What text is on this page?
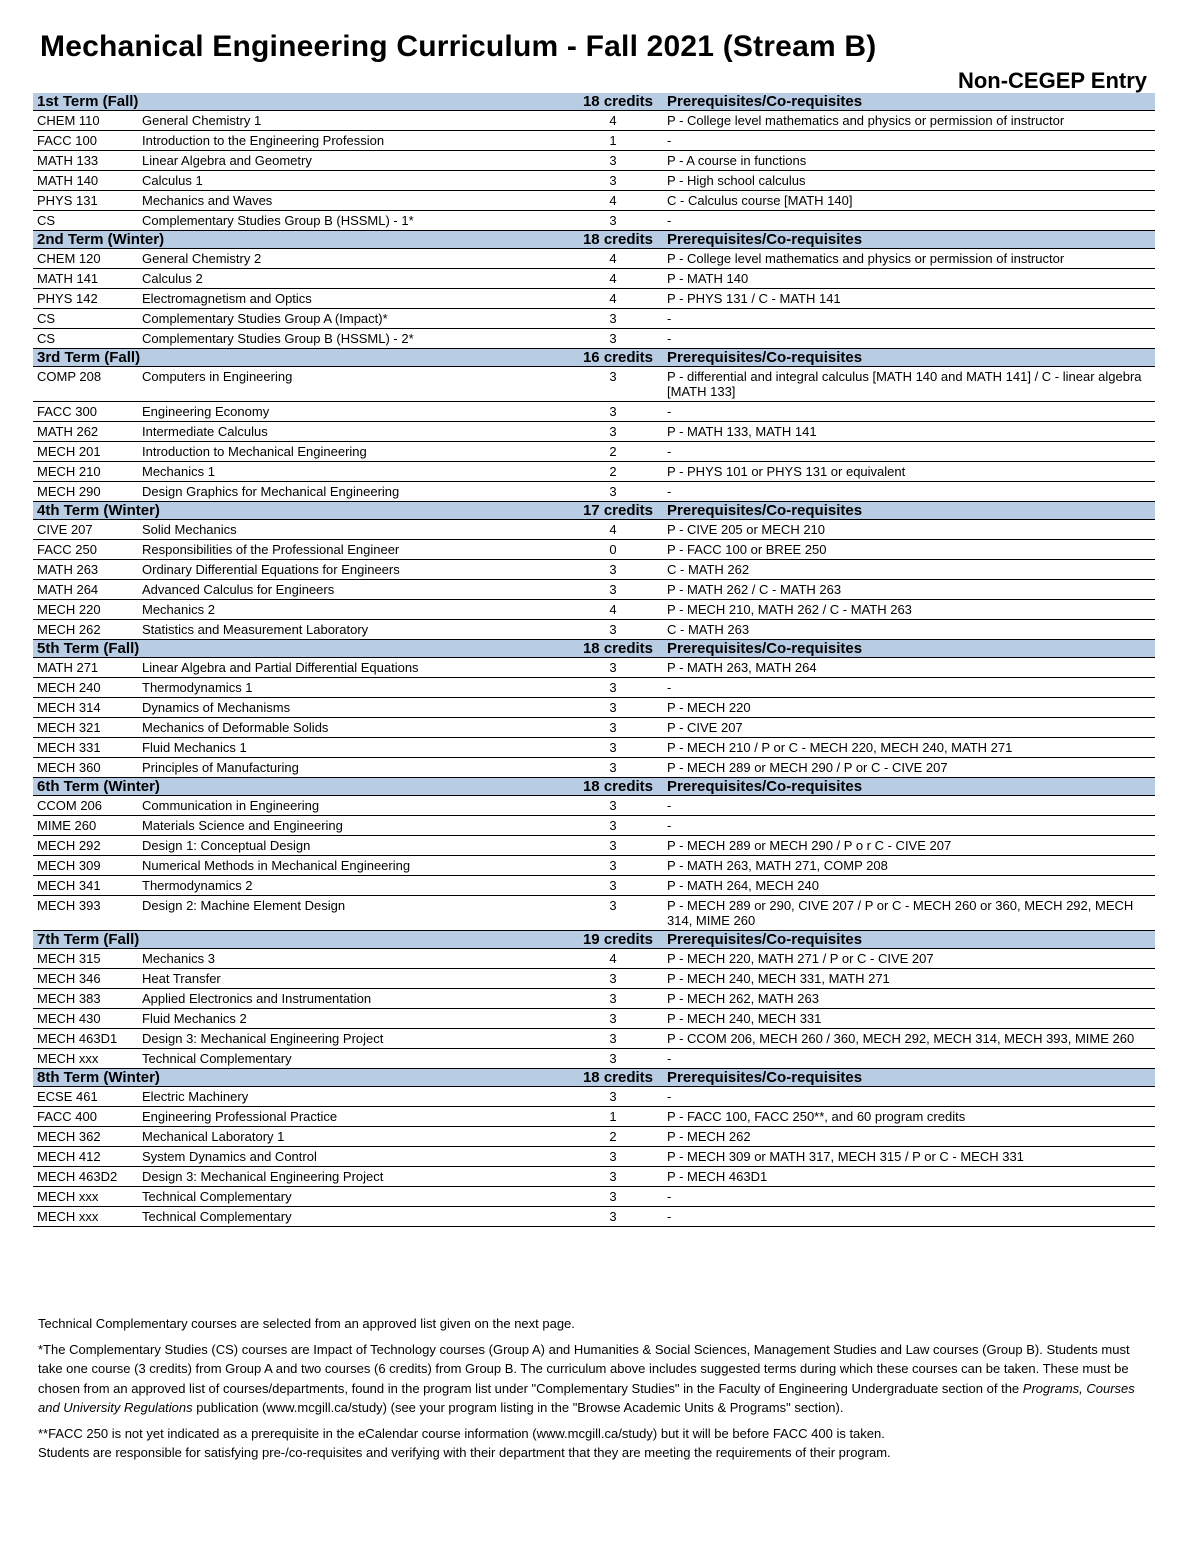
Mechanical Engineering Curriculum - Fall 2021 (Stream B)
Non-CEGEP Entry
1st Term (Fall)		18 credits	Prerequisites/Co-requisites
CHEM 110	General Chemistry 1	4	P - College level mathematics and physics or permission of instructor
FACC 100	Introduction to the Engineering Profession	1	-
MATH 133	Linear Algebra and Geometry	3	P - A course in functions
MATH 140	Calculus 1	3	P - High school calculus
PHYS 131	Mechanics and Waves	4	C - Calculus course [MATH 140]
CS	Complementary Studies Group B (HSSML) - 1*	3	-
2nd Term (Winter)		18 credits	Prerequisites/Co-requisites
CHEM 120	General Chemistry 2	4	P - College level mathematics and physics or permission of instructor
MATH 141	Calculus 2	4	P - MATH 140
PHYS 142	Electromagnetism and Optics	4	P - PHYS 131 / C - MATH 141
CS	Complementary Studies Group A (Impact)*	3	-
CS	Complementary Studies Group B (HSSML) - 2*	3	-
3rd Term (Fall)		16 credits	Prerequisites/Co-requisites
COMP 208	Computers in Engineering	3	P - differential and integral calculus [MATH 140 and MATH 141] / C - linear algebra [MATH 133]
FACC 300	Engineering Economy	3	-
MATH 262	Intermediate Calculus	3	P - MATH 133, MATH 141
MECH 201	Introduction to Mechanical Engineering	2	-
MECH 210	Mechanics 1	2	P - PHYS 101 or PHYS 131 or equivalent
MECH 290	Design Graphics for Mechanical Engineering	3	-
4th Term (Winter)		17 credits	Prerequisites/Co-requisites
CIVE 207	Solid Mechanics	4	P - CIVE 205 or MECH 210
FACC 250	Responsibilities of the Professional Engineer	0	P - FACC 100 or BREE 250
MATH 263	Ordinary Differential Equations for Engineers	3	C - MATH 262
MATH 264	Advanced Calculus for Engineers	3	P - MATH 262 / C - MATH 263
MECH 220	Mechanics 2	4	P - MECH 210, MATH 262 / C - MATH 263
MECH 262	Statistics and Measurement Laboratory	3	C - MATH 263
5th Term (Fall)		18 credits	Prerequisites/Co-requisites
MATH 271	Linear Algebra and Partial Differential Equations	3	P - MATH 263, MATH 264
MECH 240	Thermodynamics 1	3	-
MECH 314	Dynamics of Mechanisms	3	P - MECH 220
MECH 321	Mechanics of Deformable Solids	3	P - CIVE 207
MECH 331	Fluid Mechanics 1	3	P - MECH 210 / P or C - MECH 220, MECH 240, MATH 271
MECH 360	Principles of Manufacturing	3	P - MECH 289 or MECH 290 / P or C - CIVE 207
6th Term (Winter)		18 credits	Prerequisites/Co-requisites
CCOM 206	Communication in Engineering	3	-
MIME 260	Materials Science and Engineering	3	-
MECH 292	Design 1: Conceptual Design	3	P - MECH 289 or MECH 290 / P o r C - CIVE 207
MECH 309	Numerical Methods in Mechanical Engineering	3	P - MATH 263, MATH 271, COMP 208
MECH 341	Thermodynamics 2	3	P - MATH 264, MECH 240
MECH 393	Design 2: Machine Element Design	3	P - MECH 289 or 290, CIVE 207 / P or C - MECH 260 or 360, MECH 292, MECH 314, MIME 260
7th Term (Fall)		19 credits	Prerequisites/Co-requisites
MECH 315	Mechanics 3	4	P - MECH 220, MATH 271 / P or C - CIVE 207
MECH 346	Heat Transfer	3	P - MECH 240, MECH 331, MATH 271
MECH 383	Applied Electronics and Instrumentation	3	P - MECH 262, MATH 263
MECH 430	Fluid Mechanics 2	3	P - MECH 240, MECH 331
MECH 463D1	Design 3: Mechanical Engineering Project	3	P - CCOM 206, MECH 260 / 360, MECH 292, MECH 314, MECH 393, MIME 260
MECH xxx	Technical Complementary	3	-
8th Term (Winter)		18 credits	Prerequisites/Co-requisites
ECSE 461	Electric Machinery	3	-
FACC 400	Engineering Professional Practice	1	P - FACC 100, FACC 250**, and 60 program credits
MECH 362	Mechanical Laboratory 1	2	P - MECH 262
MECH 412	System Dynamics and Control	3	P - MECH 309 or MATH 317, MECH 315 / P or C - MECH 331
MECH 463D2	Design 3: Mechanical Engineering Project	3	P - MECH 463D1
MECH xxx	Technical Complementary	3	-
MECH xxx	Technical Complementary	3	-

Technical Complementary courses are selected from an approved list given on the next page.

*The Complementary Studies (CS) courses are Impact of Technology courses (Group A) and Humanities & Social Sciences, Management Studies and Law courses (Group B). Students must take one course (3 credits) from Group A and two courses (6 credits) from Group B. The curriculum above includes suggested terms during which these courses can be taken. These must be chosen from an approved list of courses/departments, found in the program list under "Complementary Studies" in the Faculty of Engineering Undergraduate section of the Programs, Courses and University Regulations publication (www.mcgill.ca/study) (see your program listing in the "Browse Academic Units & Programs" section).

**FACC 250 is not yet indicated as a prerequisite in the eCalendar course information (www.mcgill.ca/study) but it will be before FACC 400 is taken.

Students are responsible for satisfying pre-/co-requisites and verifying with their department that they are meeting the requirements of their program.
